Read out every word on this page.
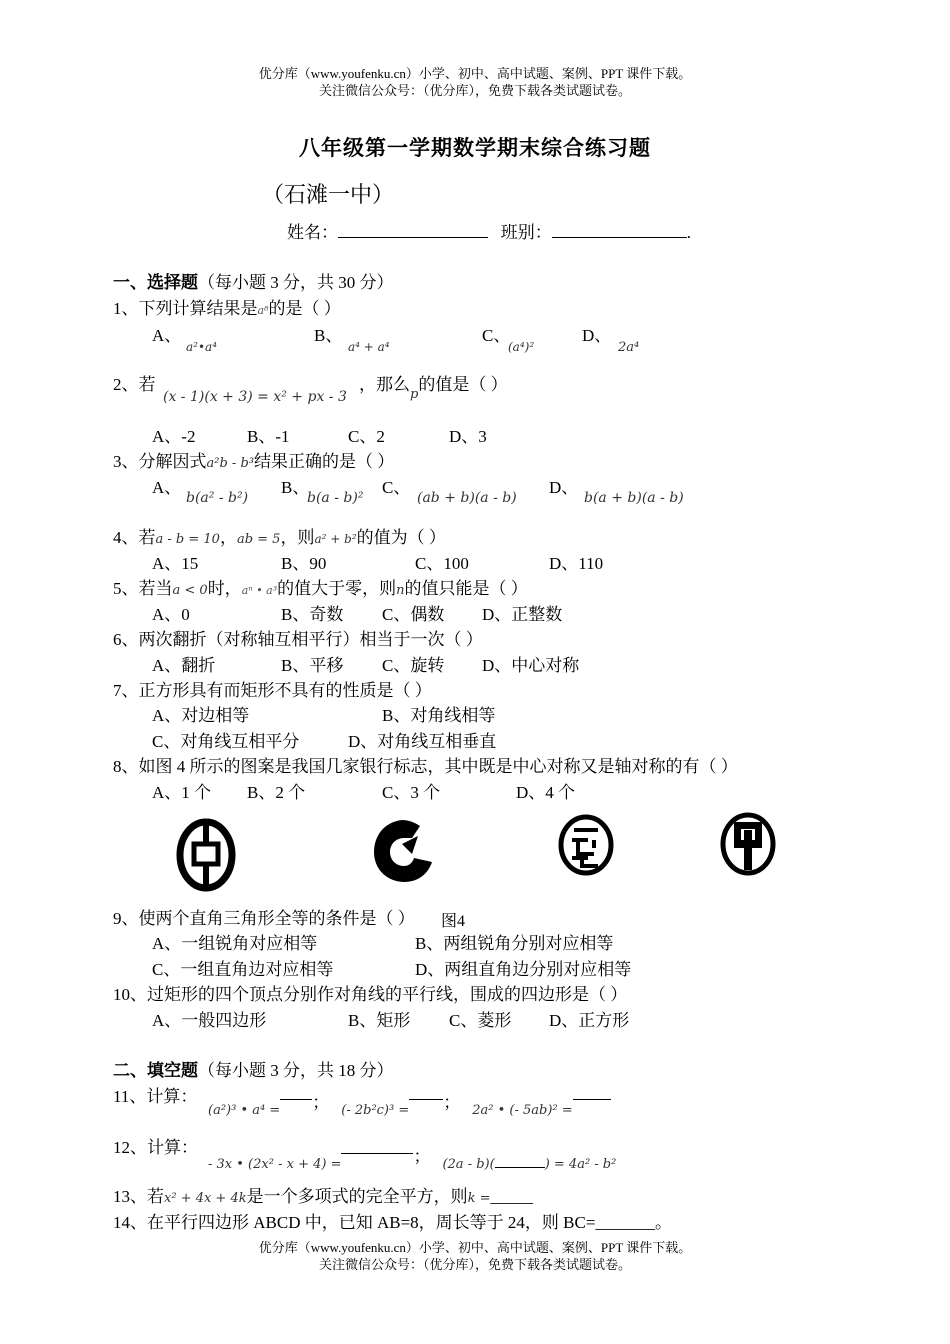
优分库（www.youfenku.cn）小学、初中、高中试题、案例、PPT 课件下载。
关注微信公众号：（优分库），免费下载各类试题试卷。
八年级第一学期数学期末综合练习题
（石滩一中）
姓名：	班别：	.
一、选择题（每小题 3 分，共 30 分）
1、下列计算结果是a⁸的是（ ）
A、
a²•a⁴
B、
a⁴ + a⁴
C、
(a⁴)²
D、
2a⁴
2、若
(x - 1)(x + 3) = x² + px - 3
，那么$_p$的值是（ ）
A、-2	B、-1	C、2	D、3
3、分解因式a²b - b³结果正确的是（ ）
A、
b(a² - b²)
B、
b(a - b)²
C、
(ab + b)(a - b)
D、
b(a + b)(a - b)
4、若a - b = 10，ab = 5，则a² + b²的值为（ ）
A、15	B、90	C、100	D、110
5、若当a < 0时，aⁿ • a³的值大于零，则n的值只能是（ ）
A、0	B、奇数 C、偶数 D、正整数
6、两次翻折（对称轴互相平行）相当于一次（ ）
A、翻折	B、平移 C、旋转 D、中心对称
7、正方形具有而矩形不具有的性质是（ ）
A、对边相等	B、对角线相等
C、对角线互相平分	D、对角线互相垂直
8、如图 4 所示的图案是我国几家银行标志，其中既是中心对称又是轴对称的有（ ）
A、1 个 B、2 个	C、3 个	D、4 个
9、使两个直角三角形全等的条件是（ ） 图4
A、一组锐角对应相等	B、两组锐角分别对应相等
C、一组直角边对应相等	D、两组直角边分别对应相等
10、过矩形的四个顶点分别作对角线的平行线，围成的四边形是（ ）
A、一般四边形	B、矩形 C、菱形 D、正方形
二、填空题（每小题 3 分，共 18 分）
11、计算：
(a²)³ • a⁴ = ； (- 2b²c)³ = ； 2a² • (- 5ab)² =
12、计算：
- 3x • (2x² - x + 4) =	； (2a - b)(	) = 4a² - b²
13、若x² + 4x + 4k是一个多项式的完全平方，则k =_____
14、在平行四边形 ABCD 中，已知 AB=8，周长等于 24，则 BC=_______。
优分库（www.youfenku.cn）小学、初中、高中试题、案例、PPT 课件下载。
关注微信公众号：（优分库），免费下载各类试题试卷。
